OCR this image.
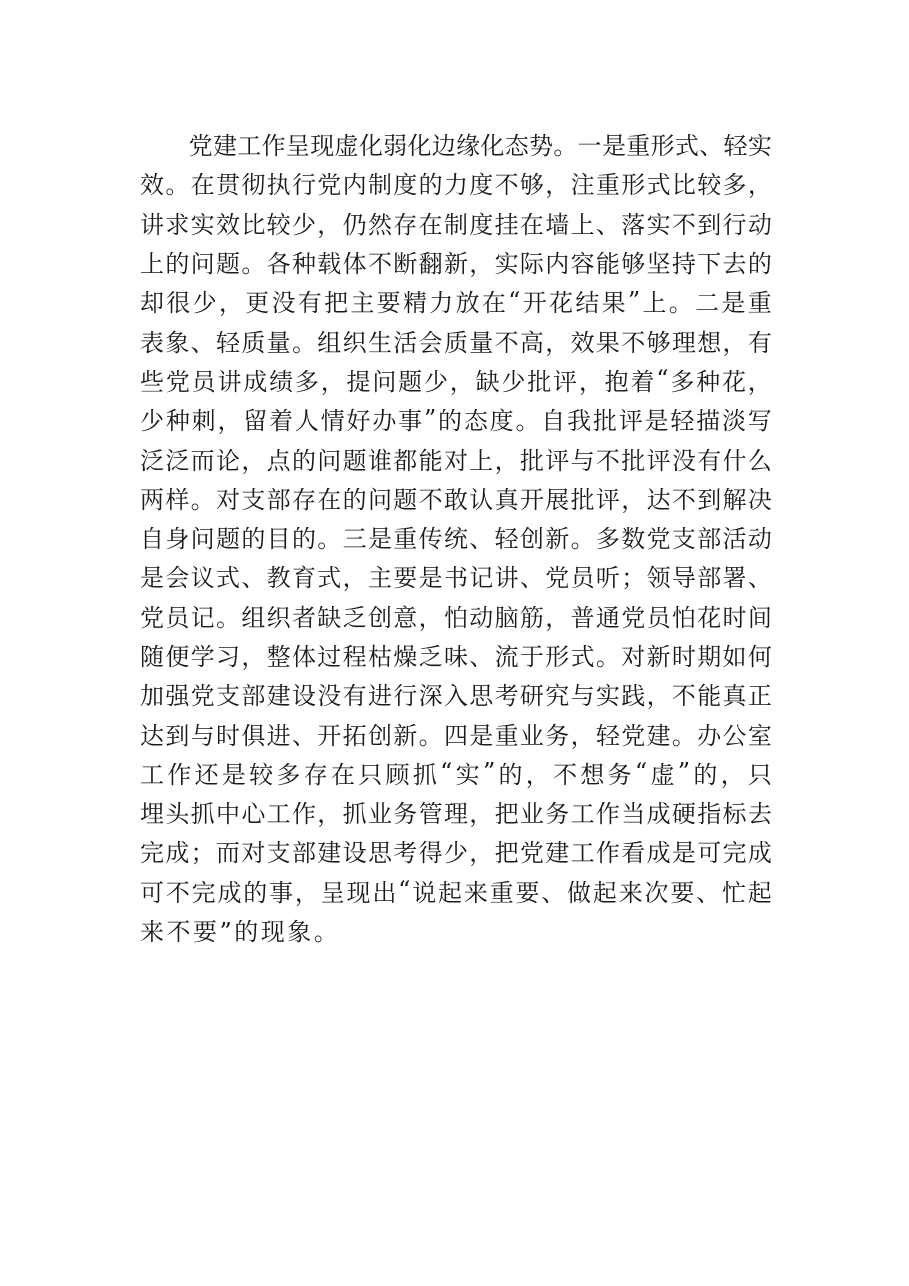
党 建 工 作 呈 现 虚 化 弱 化 边 缘 化 态 势 。 一 是 重 形 式 、 轻 实
效 。 在 贯 彻 执 行 党 内 制 度 的 力 度 不 够 ， 注 重 形 式 比 较 多 ，
讲 求 实 效 比 较 少 ， 仍 然 存 在 制 度 挂 在 墙 上 、 落 实 不 到 行 动
上 的 问 题 。 各 种 载 体 不 断 翻 新 ， 实 际 内 容 能 够 坚 持 下 去 的
却 很 少 ， 更 没 有 把 主 要 精 力 放 在 “ 开 花 结 果 ” 上 。 二 是 重
表 象 、 轻 质 量 。 组 织 生 活 会 质 量 不 高 ， 效 果 不 够 理 想 ， 有
些 党 员 讲 成 绩 多 ， 提 问 题 少 ， 缺 少 批 评 ， 抱 着 “ 多 种 花 ，
少 种 刺 ， 留 着 人 情 好 办 事 ” 的 态 度 。 自 我 批 评 是 轻 描 淡 写
泛 泛 而 论 ， 点 的 问 题 谁 都 能 对 上 ， 批 评 与 不 批 评 没 有 什 么
两 样 。 对 支 部 存 在 的 问 题 不 敢 认 真 开 展 批 评 ， 达 不 到 解 决
自 身 问 题 的 目 的 。 三 是 重 传 统 、 轻 创 新 。 多 数 党 支 部 活 动
是 会 议 式 、 教 育 式 ， 主 要 是 书 记 讲 、 党 员 听 ； 领 导 部 署 、
党 员 记 。 组 织 者 缺 乏 创 意 ， 怕 动 脑 筋 ， 普 通 党 员 怕 花 时 间
随 便 学 习 ， 整 体 过 程 枯 燥 乏 味 、 流 于 形 式 。 对 新 时 期 如 何
加 强 党 支 部 建 设 没 有 进 行 深 入 思 考 研 究 与 实 践 ， 不 能 真 正
达 到 与 时 俱 进 、 开 拓 创 新 。 四 是 重 业 务 ， 轻 党 建 。 办 公 室
工 作 还 是 较 多 存 在 只 顾 抓 “ 实 ” 的 ， 不 想 务 “ 虚 ” 的 ， 只
埋 头 抓 中 心 工 作 ， 抓 业 务 管 理 ， 把 业 务 工 作 当 成 硬 指 标 去
完 成 ； 而 对 支 部 建 设 思 考 得 少 ， 把 党 建 工 作 看 成 是 可 完 成
可 不 完 成 的 事 ， 呈 现 出 “ 说 起 来 重 要 、 做 起 来 次 要 、 忙 起
来不要”的现象。
